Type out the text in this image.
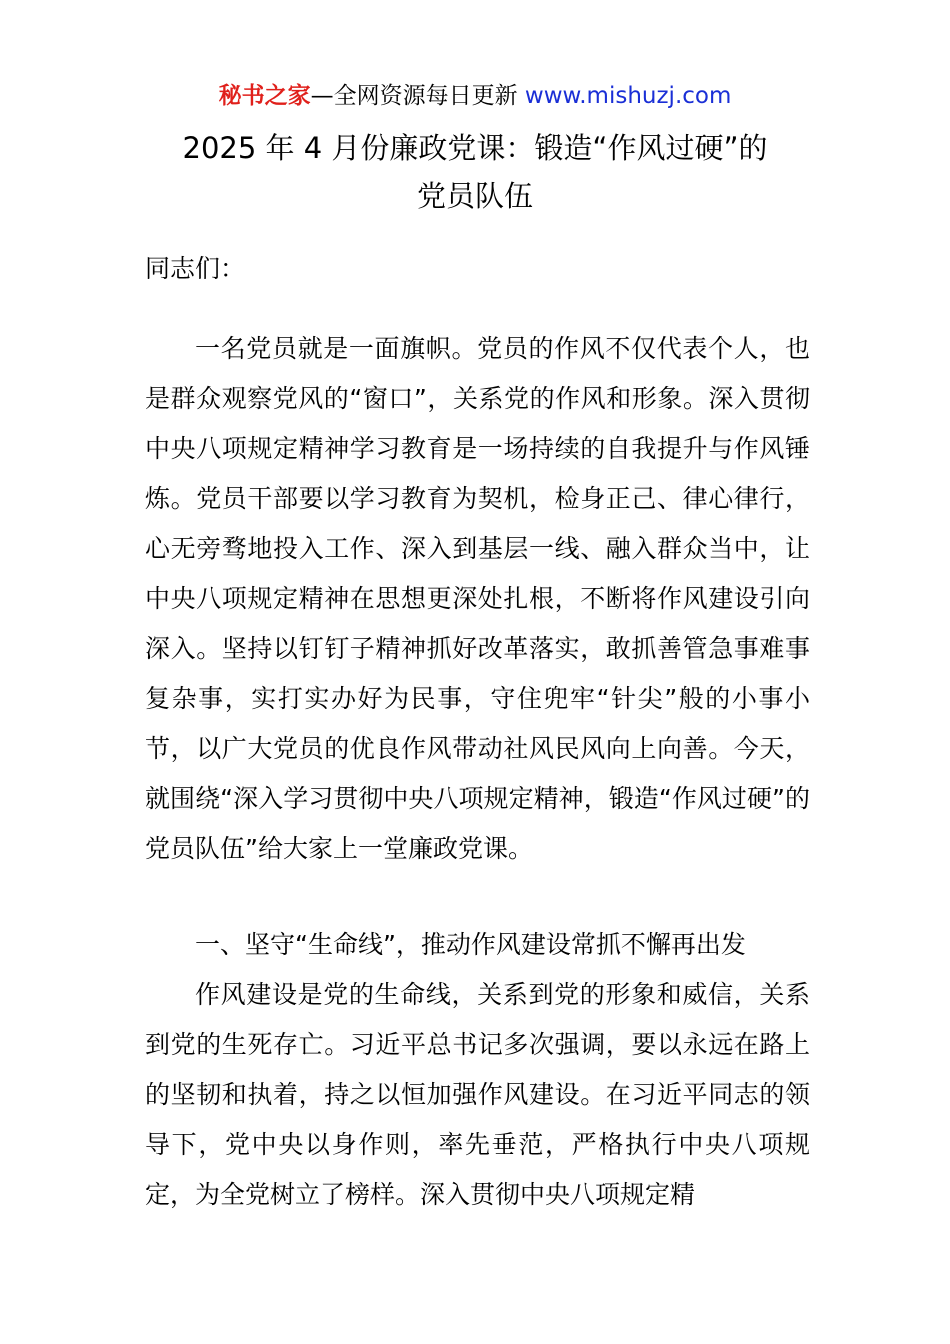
秘书之家—全网资源每日更新 www.mishuzj.com
2025 年 4 月份廉政党课：锻造“作风过硬”的
党员队伍
同志们：

一名党员就是一面旗帜。党员的作风不仅代表个人，也是群众观察党风的“窗口”，关系党的作风和形象。深入贯彻中央八项规定精神学习教育是一场持续的自我提升与作风锤炼。党员干部要以学习教育为契机，检身正己、律心律行，心无旁骛地投入工作、深入到基层一线、融入群众当中，让中央八项规定精神在思想更深处扎根，不断将作风建设引向深入。坚持以钉钉子精神抓好改革落实，敢抓善管急事难事复杂事，实打实办好为民事，守住兜牢“针尖”般的小事小节，以广大党员的优良作风带动社风民风向上向善。今天，就围绕“深入学习贯彻中央八项规定精神，锻造“作风过硬”的党员队伍”给大家上一堂廉政党课。

一、坚守“生命线”，推动作风建设常抓不懈再出发

作风建设是党的生命线，关系到党的形象和威信，关系到党的生死存亡。习近平总书记多次强调，要以永远在路上的坚韧和执着，持之以恒加强作风建设。在习近平同志的领导下，党中央以身作则，率先垂范，严格执行中央八项规定，为全党树立了榜样。深入贯彻中央八项规定精
